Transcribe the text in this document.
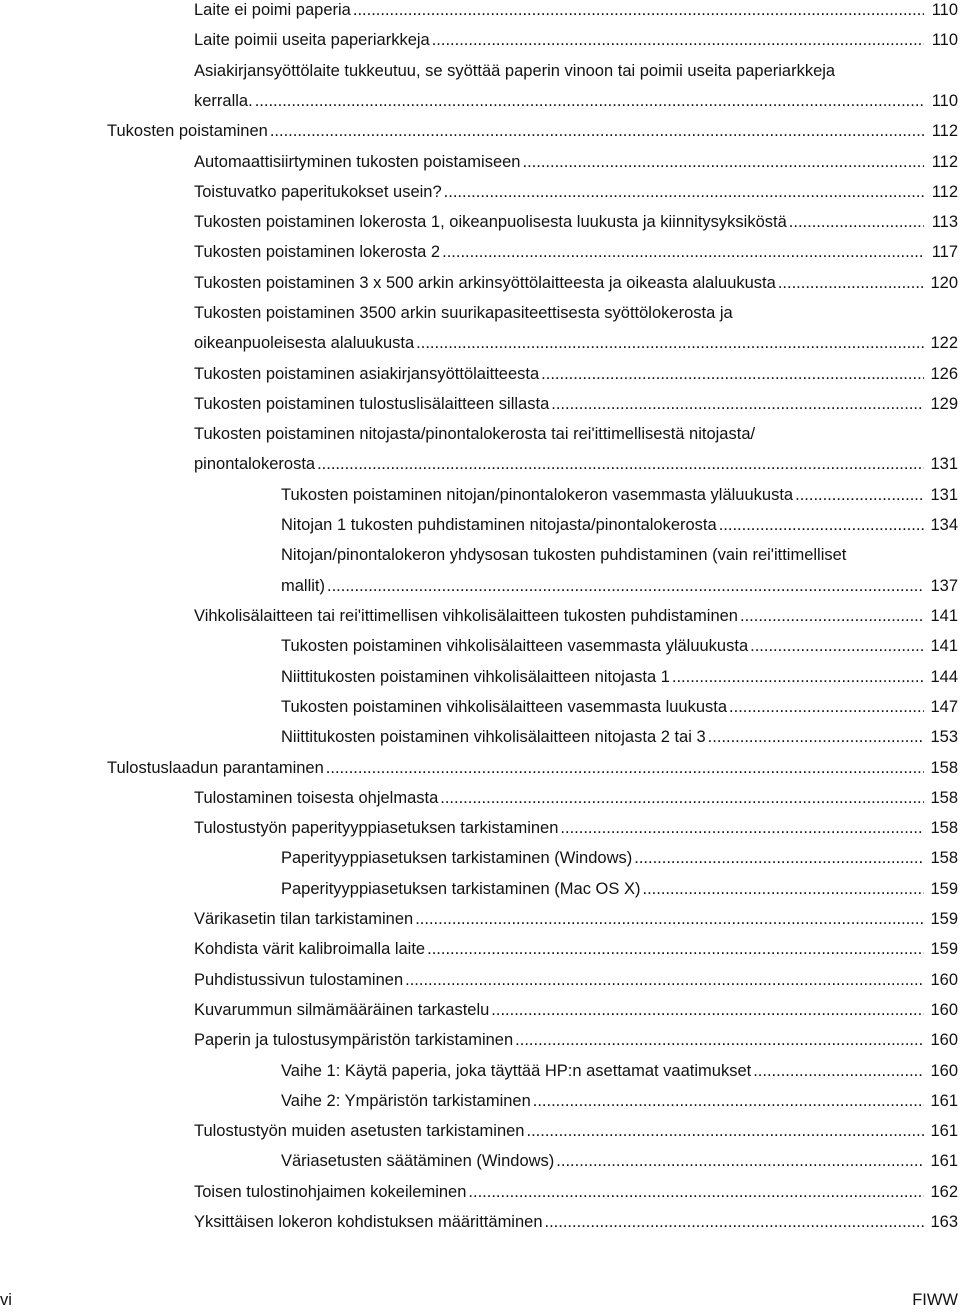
Laite ei poimi paperia .....	110
Laite poimii useita paperiarkkeja .....	110
Asiakirjansyöttölaite tukkeutuu, se syöttää paperin vinoon tai poimii useita paperiarkkeja
kerralla. .....	110
Tukosten poistaminen .....	112
Automaattisiirtyminen tukosten poistamiseen .....	112
Toistuvatko paperitukokset usein? .....	112
Tukosten poistaminen lokerosta 1, oikeanpuolisesta luukusta ja kiinnitysyksiköstä .....	113
Tukosten poistaminen lokerosta 2 .....	117
Tukosten poistaminen 3 x 500 arkin arkinsyöttölaitteesta ja oikeasta alaluukusta .....	120
Tukosten poistaminen 3500 arkin suurikapasiteettisesta syöttölokerosta ja
oikeanpuoleisesta alaluukusta .....	122
Tukosten poistaminen asiakirjansyöttölaitteesta .....	126
Tukosten poistaminen tulostuslisälaitteen sillasta .....	129
Tukosten poistaminen nitojasta/pinontalokerosta tai rei'ittimellisestä nitojasta/
pinontalokerosta .....	131
Tukosten poistaminen nitojan/pinontalokeron vasemmasta yläluukusta .....	131
Nitojan 1 tukosten puhdistaminen nitojasta/pinontalokerosta .....	134
Nitojan/pinontalokeron yhdysosan tukosten puhdistaminen (vain rei'ittimelliset
mallit) .....	137
Vihkolisälaitteen tai rei'ittimellisen vihkolisälaitteen tukosten puhdistaminen .....	141
Tukosten poistaminen vihkolisälaitteen vasemmasta yläluukusta .....	141
Niittitukosten poistaminen vihkolisälaitteen nitojasta 1 .....	144
Tukosten poistaminen vihkolisälaitteen vasemmasta luukusta .....	147
Niittitukosten poistaminen vihkolisälaitteen nitojasta 2 tai 3 .....	153
Tulostuslaadun parantaminen .....	158
Tulostaminen toisesta ohjelmasta .....	158
Tulostustyön paperityyppiasetuksen tarkistaminen .....	158
Paperityyppiasetuksen tarkistaminen (Windows) .....	158
Paperityyppiasetuksen tarkistaminen (Mac OS X) .....	159
Värikasetin tilan tarkistaminen .....	159
Kohdista värit kalibroimalla laite .....	159
Puhdistussivun tulostaminen .....	160
Kuvarummun silmämääräinen tarkastelu .....	160
Paperin ja tulostusympäristön tarkistaminen .....	160
Vaihe 1: Käytä paperia, joka täyttää HP:n asettamat vaatimukset .....	160
Vaihe 2: Ympäristön tarkistaminen .....	161
Tulostustyön muiden asetusten tarkistaminen .....	161
Väriasetusten säätäminen (Windows) .....	161
Toisen tulostinohjaimen kokeileminen .....	162
Yksittäisen lokeron kohdistuksen määrittäminen .....	163
vi	FIWW
